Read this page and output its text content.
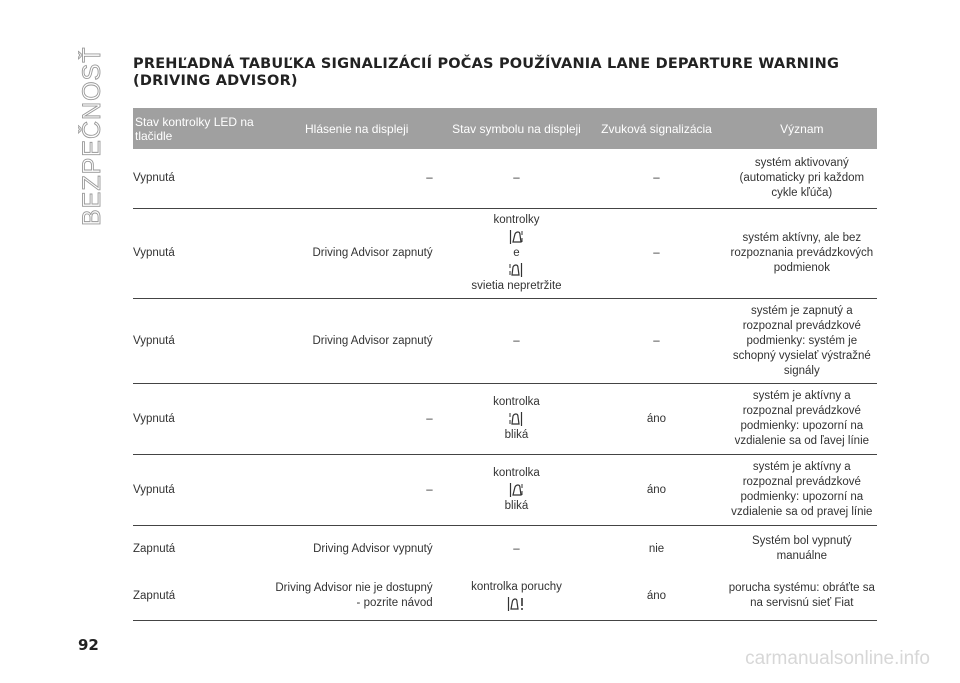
BEZPEČNOSŤ PREHĽADNÁ TABUĽKA SIGNALIZÁCIÍ POČAS POUŽÍVANIA LANE DEPARTURE WARNING (DRIVING ADVISOR)
Stav kontrolky LED na tlačidle	Hlásenie na displeji	Stav symbolu na displeji	Zvuková signalizácia	Význam
Vypnutá	–	–	–	systém aktivovaný (automaticky pri každom cykle kľúča)
Vypnutá	Driving Advisor zapnutý	kontrolky
e
svietia nepretržite	–	systém aktívny, ale bez rozpoznania prevádzkových podmienok
Vypnutá	Driving Advisor zapnutý	–	–	systém je zapnutý a rozpoznal prevádzkové podmienky: systém je schopný vysielať výstražné signály
Vypnutá	–	kontrolka
bliká	áno	systém je aktívny a rozpoznal prevádzkové podmienky: upozorní na vzdialenie sa od ľavej línie
Vypnutá	–	kontrolka
bliká	áno	systém je aktívny a rozpoznal prevádzkové podmienky: upozorní na vzdialenie sa od pravej línie
Zapnutá	Driving Advisor vypnutý	–	nie	Systém bol vypnutý manuálne
Zapnutá	Driving Advisor nie je dostupný - pozrite návod	kontrolka poruchy	áno	porucha systému: obráťte sa na servisnú sieť Fiat
92
carmanualsonline.info
